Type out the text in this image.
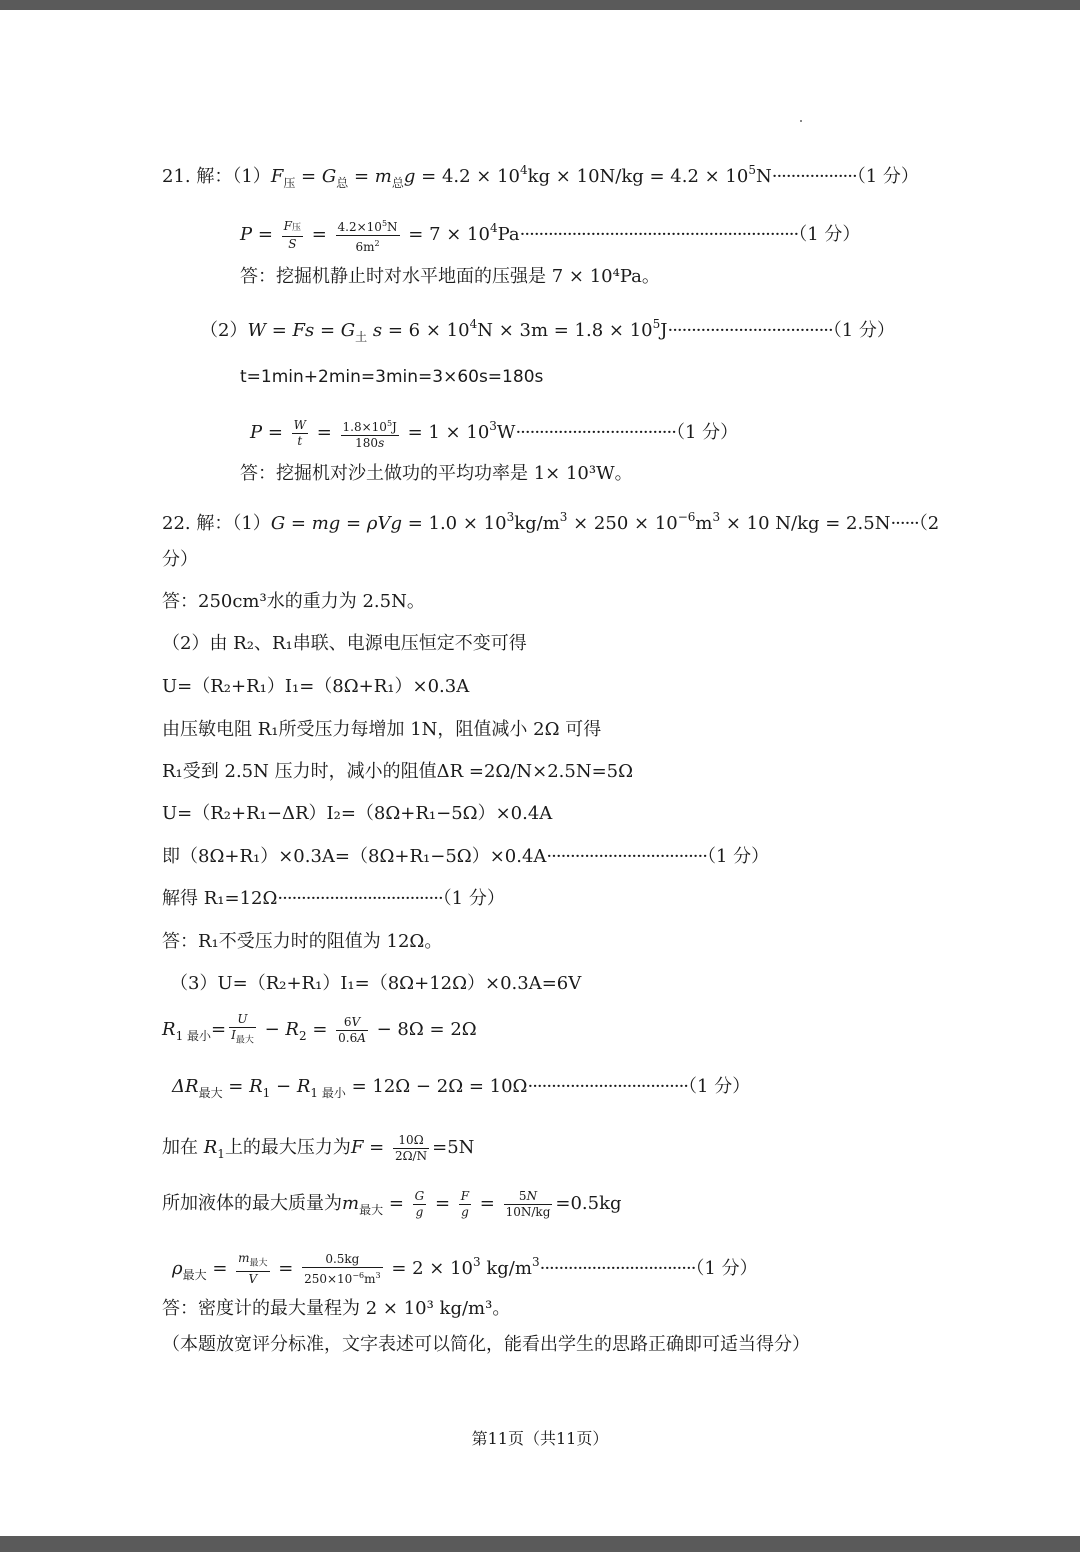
21. 解：$(1)F_压 = G_总 = m_总g = 4.2 \times 10^4kg \times 10N/kg = 4.2 \times 10^5N\cdot\cdot\cdot\cdot\cdot\cdot\cdot\cdot\cdot\cdot\cdot\cdot\cdot\cdot\cdot\cdot\cdot\cdot(1$ 分）
$P = \frac{\text{F压}}{S} = \frac{4.2\times 10^5N}{6m^2} = 7 \times 10^4Pa\cdot\cdot\cdot\cdot\cdot\cdot\cdot\cdot\cdot\cdot\cdot\cdot\cdot\cdot\cdot\cdot\cdot\cdot\cdot\cdot\cdot\cdot\cdot\cdot\cdot\cdot\cdot\cdot\cdot\cdot\cdot\cdot\cdot\cdot\cdot\cdot\cdot\cdot\cdot\cdot\cdot\cdot\cdot\cdot\cdot\cdot\cdot\cdot\cdot\cdot\cdot\cdot\cdot\cdot\cdot\cdot\cdot\cdot\cdot(1$ 分）
答：挖掘机静止时对水平地面的压强是 7 × 10⁴Pa。
$(2)W = Fs = G_土$ $s = 6 \times 10^4N \times 3m = 1.8 \times 10^5J\cdot\cdot\cdot\cdot\cdot\cdot\cdot\cdot\cdot\cdot\cdot\cdot\cdot\cdot\cdot\cdot\cdot\cdot\cdot\cdot\cdot\cdot\cdot\cdot\cdot\cdot\cdot\cdot\cdot\cdot\cdot\cdot\cdot\cdot\cdot(1$ 分）
t=1min+2min=3min=3×60s=180s
$P = \frac{W}{t} = \frac{1.8\times 10^5J}{180s} = 1 \times 10^3W\cdot\cdot\cdot\cdot\cdot\cdot\cdot\cdot\cdot\cdot\cdot\cdot\cdot\cdot\cdot\cdot\cdot\cdot\cdot\cdot\cdot\cdot\cdot\cdot\cdot\cdot\cdot\cdot\cdot\cdot\cdot\cdot\cdot\cdot(1$ 分）
答：挖掘机对沙土做功的平均功率是 1× 10³W。
22. 解：（1）G = mg = $\rho Vg = 1.0 \times 10^3kg/m^3 \times 250 \times 10^{-6}m^3 \times 10$ N/kg = 2.5N······（2
分）
答：250cm³水的重力为 2.5N。
（2）由 R₂、R₁串联、电源电压恒定不变可得
U=（R₂+R₁）I₁=（8Ω+R₁）×0.3A
由压敏电阻 R₁所受压力每增加 1N，阻值减小 2Ω 可得
R₁受到 2.5N 压力时，减小的阻值ΔR =2Ω/N×2.5N=5Ω
U=（R₂+R₁−ΔR）I₂=（8Ω+R₁−5Ω）×0.4A
即（8Ω+R₁）×0.3A=（8Ω+R₁−5Ω）×0.4A··································（1 分）
解得 R₁=12Ω···································（1 分）
答：R₁不受压力时的阻值为 12Ω。
（3）U=（R₂+R₁）I₁=（8Ω+12Ω）×0.3A=6V
$R_{1 最小}= \frac{U}{I_{最大}} - R_2 = \frac{6V}{0.6A} - 8\Omega = 2\Omega$
$\Delta R_{最大} = R_1 - R_{1 最小} = 12\Omega - 2\Omega = 10\Omega\cdot\cdot\cdot\cdot\cdot\cdot\cdot\cdot\cdot\cdot\cdot\cdot\cdot\cdot\cdot\cdot\cdot\cdot\cdot\cdot\cdot\cdot\cdot\cdot\cdot\cdot\cdot\cdot\cdot\cdot\cdot\cdot\cdot\cdot(1$ 分）
加在 $R_1$上的最大压力为$F = \frac{10\Omega}{2\Omega/N} =5N$
所加液体的最大质量为$m_{最大} = \frac{G}{g} = \frac{F}{g} = \frac{5N}{10N/kg} =0.5kg$
$\rho_{最大} = \frac{m_{最大}}{V} = \frac{0.5kg}{250\times 10^{-6}m^3} = 2 \times 10^3$ $kg/m^3\cdot\cdot\cdot\cdot\cdot\cdot\cdot\cdot\cdot\cdot\cdot\cdot\cdot\cdot\cdot\cdot\cdot\cdot\cdot\cdot\cdot\cdot\cdot\cdot\cdot\cdot\cdot\cdot\cdot\cdot\cdot\cdot\cdot(1$ 分）
答：密度计的最大量程为 2 × 10³ kg/m³。
（本题放宽评分标准，文字表述可以简化，能看出学生的思路正确即可适当得分）
第11页（共11页）
